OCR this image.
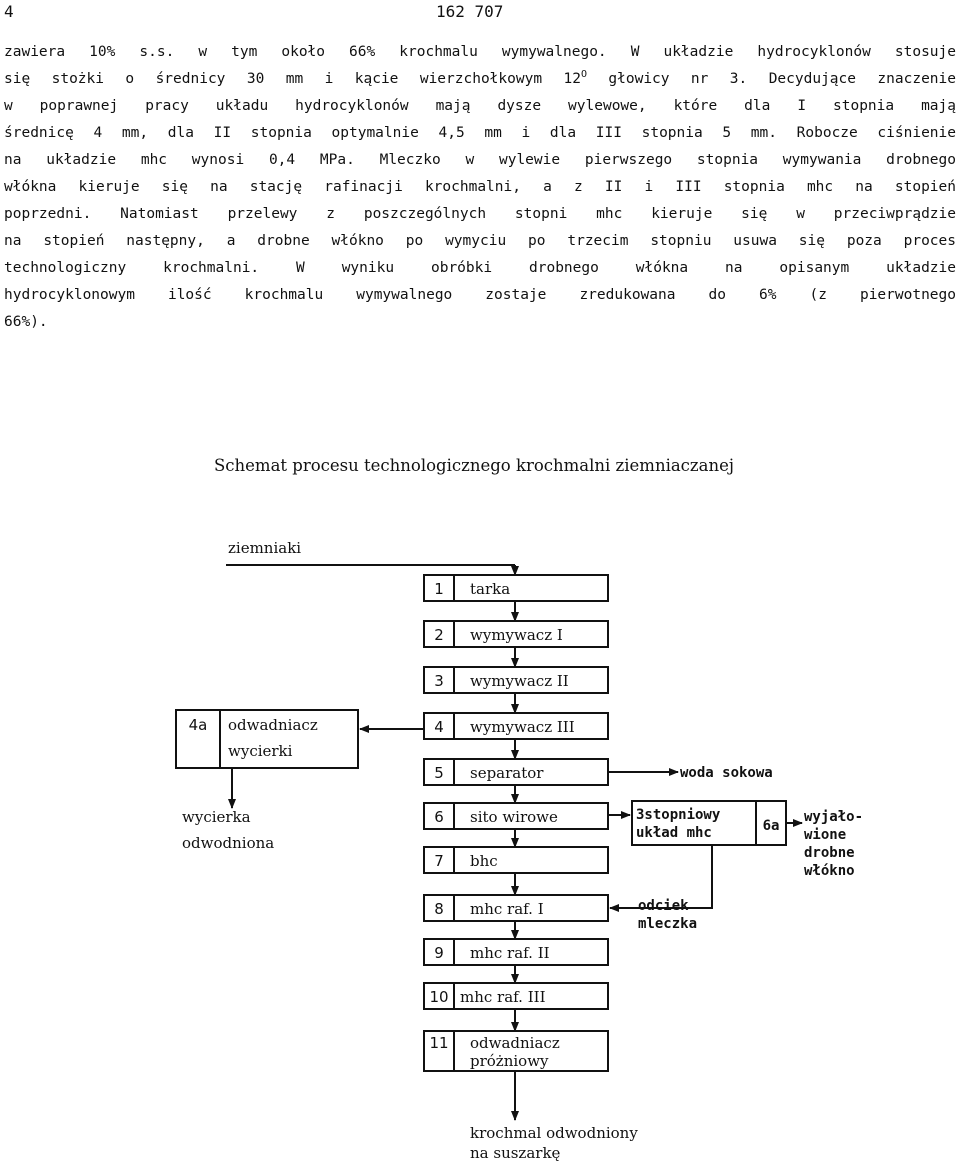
4	162 707
zawiera 10% s.s. w tym około 66% krochmalu wymywalnego. W układzie hydrocyklonów stosuje
się stożki o średnicy 30 mm i kącie wierzchołkowym $12^O$ głowicy nr 3. Decydujące znaczenie
w poprawnej pracy układu hydrocyklonów mają dysze wylewowe, które dla I stopnia mają
średnicę 4 mm, dla II stopnia optymalnie 4,5 mm i dla III stopnia 5 mm. Robocze ciśnienie
na układzie mhc wynosi 0,4 MPa. Mleczko w wylewie pierwszego stopnia wymywania drobnego
włókna kieruje się na stację rafinacji krochmalni, a z II i III stopnia mhc na stopień
poprzedni. Natomiast przelewy z poszczególnych stopni mhc kieruje się w przeciwprądzie
na stopień następny, a drobne włókno po wymyciu po trzecim stopniu usuwa się poza proces
technologiczny krochmalni. W wyniku obróbki drobnego włókna na opisanym układzie
hydrocyklonowym ilość krochmalu wymywalnego zostaje zredukowana do 6% (z pierwotnego
66%).
Schemat procesu technologicznego krochmalni ziemniaczanej
1 tarka
2 wymywacz I
3 wymywacz II
4 wymywacz III
5 separator
6 sito wirowe
7 bhc
8 mhc raf. I
9 mhc raf. II
10 mhc raf. III
11 odwadniacz
próżniowy
ziemniaki
4a odwadniacz
wycierki
wycierka
odwodniona
woda sokowa
3stopniowy
układ mhc	6a
wyjało-
wione
drobne
włókno
odciek
mleczka
krochmal odwodniony
na suszarkę
